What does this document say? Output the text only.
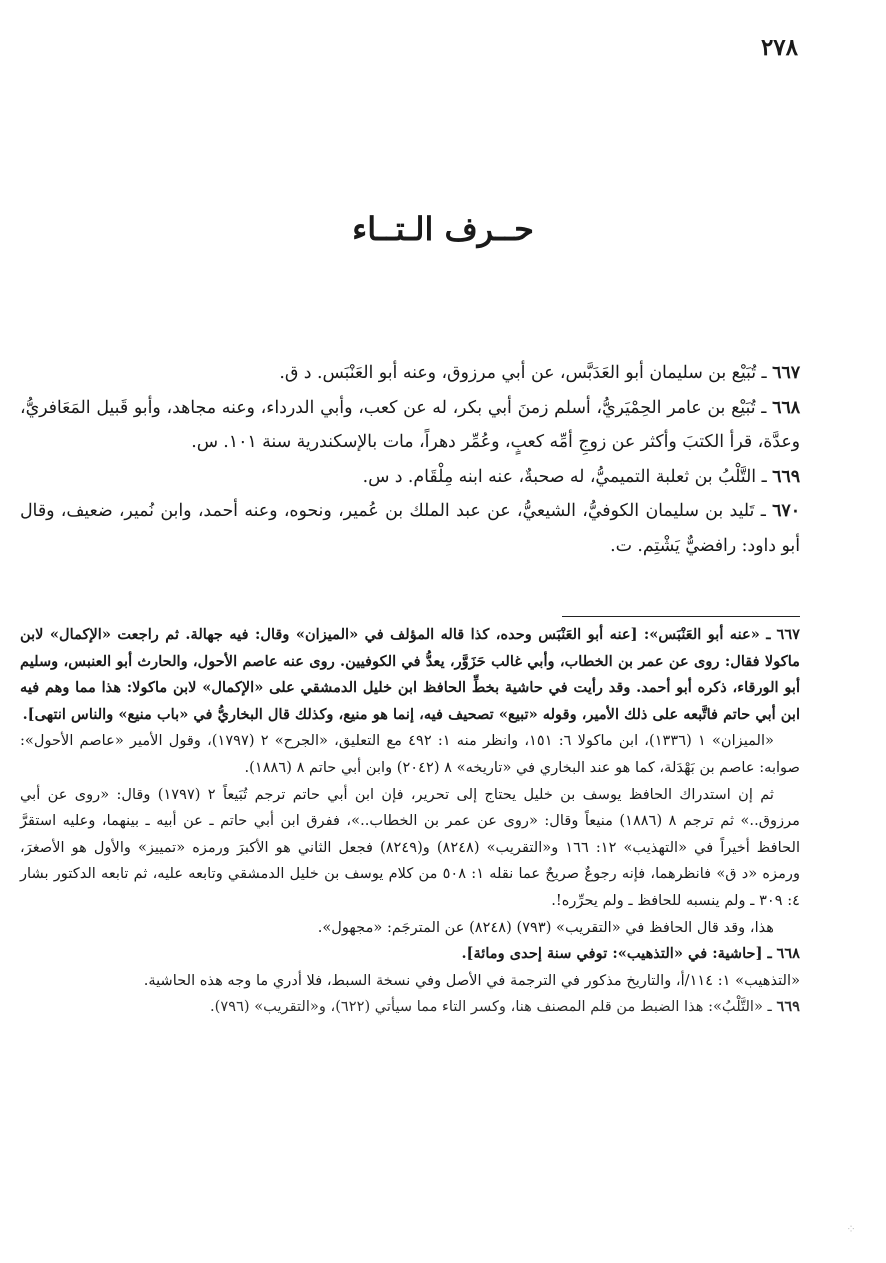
٢٧٨
حــرف الـتــاء

٦٦٧ ـ تُبَيْع بن سليمان أبو العَدَبَّس، عن أبي مرزوق، وعنه أبو العَنْبَس. د ق.

٦٦٨ ـ تُبَيْع بن عامر الحِمْيَريُّ، أسلم زمنَ أبي بكر، له عن كعب، وأبي الدرداء، وعنه مجاهد، وأبو قَبيل المَعَافريُّ، وعدَّة، قرأ الكتبَ وأكثر عن زوجِ أمِّه كعبٍ، وعُمِّر دهراً، مات بالإسكندرية سنة ١٠١. س.

٦٦٩ ـ التَّلْبُ بن ثعلبة التميميُّ، له صحبةٌ، عنه ابنه مِلْقَام. د س.

٦٧٠ ـ تَليد بن سليمان الكوفيُّ، الشيعيُّ، عن عبد الملك بن عُمير، ونحوه، وعنه أحمد، وابن نُمير، ضعيف، وقال أبو داود: رافضيٌّ يَشْتِم. ت.

٦٦٧ ـ «عنه أبو العَنْبَس»: [عنه أبو العَنْبَس وحده، كذا قاله المؤلف في «الميزان» وقال: فيه جهالة. ثم راجعت «الإكمال» لابن ماكولا فقال: روى عن عمر بن الخطاب، وأبي غالب حَزَوَّر، يعدُّ في الكوفيين. روى عنه عاصم الأحول، والحارث أبو العنبس، وسليم أبو الورقاء، ذكره أبو أحمد. وقد رأيت في حاشية بخطِّ الحافظ ابن خليل الدمشقي على «الإكمال» لابن ماكولا: هذا مما وهم فيه ابن أبي حاتم فاتَّبعه على ذلك الأمير، وقوله «تبيع» تصحيف فيه، إنما هو منيع، وكذلك قال البخاريُّ في «باب منيع» والناس انتهى].

«الميزان» ١ (١٣٣٦)، ابن ماكولا ٦: ١٥١، وانظر منه ١: ٤٩٢ مع التعليق، «الجرح» ٢ (١٧٩٧)، وقول الأمير «عاصم الأحول»: صوابه: عاصم بن بَهْدَلة، كما هو عند البخاري في «تاريخه» ٨ (٢٠٤٢) وابن أبي حاتم ٨ (١٨٨٦).

ثم إن استدراك الحافظ يوسف بن خليل يحتاج إلى تحرير، فإن ابن أبي حاتم ترجم تُبَيعاً ٢ (١٧٩٧) وقال: «روى عن أبي مرزوق..» ثم ترجم ٨ (١٨٨٦) منيعاً وقال: «روى عن عمر بن الخطاب..»، ففرق ابن أبي حاتم ـ عن أبيه ـ بينهما، وعليه استقرَّ الحافظ أخيراً في «التهذيب» ١٢: ١٦٦ و«التقريب» (٨٢٤٨) و(٨٢٤٩) فجعل الثاني هو الأكبرَ ورمزه «تمييز» والأول هو الأصغرَ، ورمزه «د ق» فانظرهما، فإنه رجوعٌ صريحٌ عما نقله ١: ٥٠٨ من كلام يوسف بن خليل الدمشقي وتابعه عليه، ثم تابعه الدكتور بشار ٤: ٣٠٩ ـ ولم ينسبه للحافظ ـ ولم يحرِّره!.

هذا، وقد قال الحافظ في «التقريب» (٧٩٣) (٨٢٤٨) عن المترجَم: «مجهول».

٦٦٨ ـ [حاشية: في «التذهيب»: توفي سنة إحدى ومائة].

«التذهيب» ١: ١١٤/أ، والتاريخ مذكور في الترجمة في الأصل وفي نسخة السبط، فلا أدري ما وجه هذه الحاشية.

٦٦٩ ـ «التَّلْبُ»: هذا الضبط من قلم المصنف هنا، وكسر التاء مما سيأتي (٦٢٢)، و«التقريب» (٧٩٦).

⁘
